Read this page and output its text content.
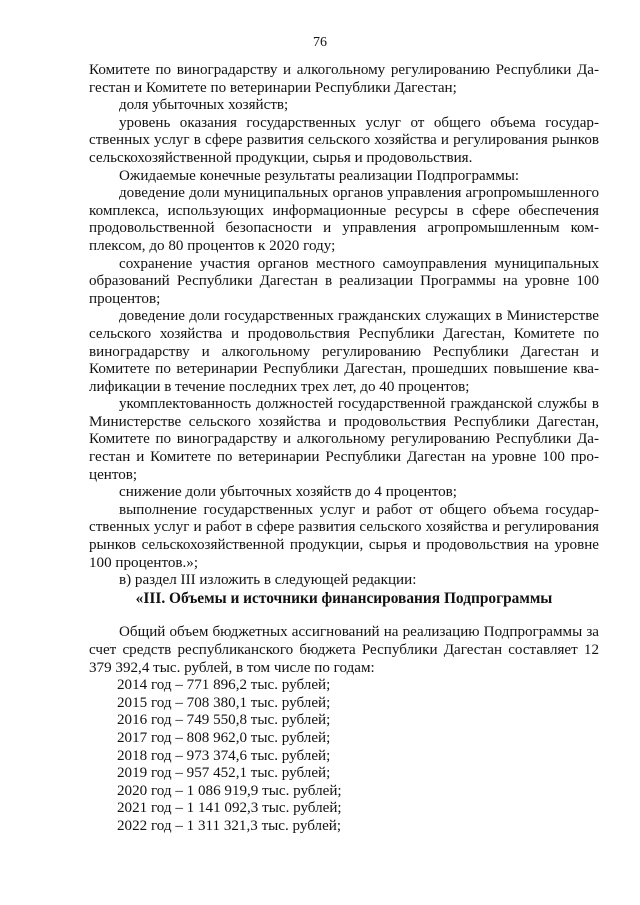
76

Комитете по виноградарству и алкогольному регулированию Республики Дагестан и Комитете по ветеринарии Республики Дагестан;

доля убыточных хозяйств;

уровень оказания государственных услуг от общего объема государственных услуг в сфере развития сельского хозяйства и регулирования рынков сельскохозяйственной продукции, сырья и продовольствия.

Ожидаемые конечные результаты реализации Подпрограммы:

доведение доли муниципальных органов управления агропромышленного комплекса, использующих информационные ресурсы в сфере обеспечения продовольственной безопасности и управления агропромышленным комплексом, до 80 процентов к 2020 году;

сохранение участия органов местного самоуправления муниципальных образований Республики Дагестан в реализации Программы на уровне 100 процентов;

доведение доли государственных гражданских служащих в Министерстве сельского хозяйства и продовольствия Республики Дагестан, Комитете по виноградарству и алкогольному регулированию Республики Дагестан и Комитете по ветеринарии Республики Дагестан, прошедших повышение квалификации в течение последних трех лет, до 40 процентов;

укомплектованность должностей государственной гражданской службы в Министерстве сельского хозяйства и продовольствия Республики Дагестан, Комитете по виноградарству и алкогольному регулированию Республики Дагестан и Комитете по ветеринарии Республики Дагестан на уровне 100 процентов;

снижение доли убыточных хозяйств до 4 процентов;

выполнение государственных услуг и работ от общего объема государственных услуг и работ в сфере развития сельского хозяйства и регулирования рынков сельскохозяйственной продукции, сырья и продовольствия на уровне 100 процентов.»;

в) раздел III изложить в следующей редакции:

«III. Объемы и источники финансирования Подпрограммы

Общий объем бюджетных ассигнований на реализацию Подпрограммы за счет средств республиканского бюджета Республики Дагестан составляет 12 379 392,4 тыс. рублей, в том числе по годам:

2014 год – 771 896,2 тыс. рублей;
2015 год – 708 380,1 тыс. рублей;
2016 год – 749 550,8 тыс. рублей;
2017 год – 808 962,0 тыс. рублей;
2018 год – 973 374,6 тыс. рублей;
2019 год – 957 452,1 тыс. рублей;
2020 год – 1 086 919,9 тыс. рублей;
2021 год – 1 141 092,3 тыс. рублей;
2022 год – 1 311 321,3 тыс. рублей;
